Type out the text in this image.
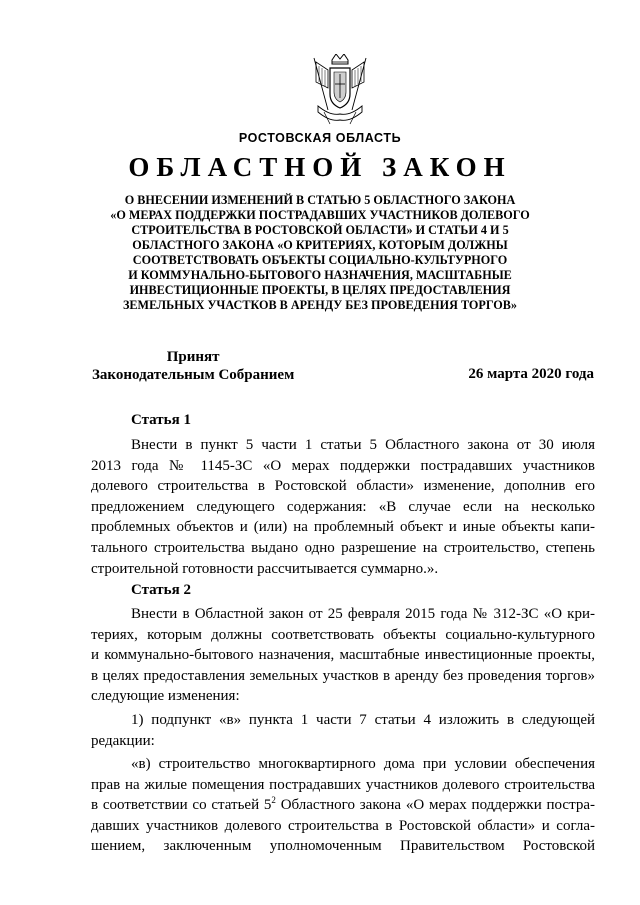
РОСТОВСКАЯ ОБЛАСТЬ
ОБЛАСТНОЙ ЗАКОН
О ВНЕСЕНИИ ИЗМЕНЕНИЙ В СТАТЬЮ 5 ОБЛАСТНОГО ЗАКОНА
«О МЕРАХ ПОДДЕРЖКИ ПОСТРАДАВШИХ УЧАСТНИКОВ ДОЛЕВОГО
СТРОИТЕЛЬСТВА В РОСТОВСКОЙ ОБЛАСТИ» И СТАТЬИ 4 И 5
ОБЛАСТНОГО ЗАКОНА «О КРИТЕРИЯХ, КОТОРЫМ ДОЛЖНЫ
СООТВЕТСТВОВАТЬ ОБЪЕКТЫ СОЦИАЛЬНО-КУЛЬТУРНОГО
И КОММУНАЛЬНО-БЫТОВОГО НАЗНАЧЕНИЯ, МАСШТАБНЫЕ
ИНВЕСТИЦИОННЫЕ ПРОЕКТЫ, В ЦЕЛЯХ ПРЕДОСТАВЛЕНИЯ
ЗЕМЕЛЬНЫХ УЧАСТКОВ В АРЕНДУ БЕЗ ПРОВЕДЕНИЯ ТОРГОВ»
Принят
Законодательным Собранием	26 марта 2020 года
Статья 1
Внести в пункт 5 части 1 статьи 5 Областного закона от 30 июля
2013 года № 1145-ЗС «О мерах поддержки пострадавших участников
долевого строительства в Ростовской области» изменение, дополнив его
предложением следующего содержания: «В случае если на несколько
проблемных объектов и (или) на проблемный объект и иные объекты капи-
тального строительства выдано одно разрешение на строительство, степень
строительной готовности рассчитывается суммарно.».
Статья 2
Внести в Областной закон от 25 февраля 2015 года № 312-ЗС «О кри-
териях, которым должны соответствовать объекты социально-культурного
и коммунально-бытового назначения, масштабные инвестиционные проекты,
в целях предоставления земельных участков в аренду без проведения торгов»
следующие изменения:
1) подпункт «в» пункта 1 части 7 статьи 4 изложить в следующей
редакции:
«в) строительство многоквартирного дома при условии обеспечения
прав на жилые помещения пострадавших участников долевого строительства
в соответствии со статьей $5^2$ Областного закона «О мерах поддержки постра-
давших участников долевого строительства в Ростовской области» и согла-
шением, заключенным уполномоченным Правительством Ростовской
